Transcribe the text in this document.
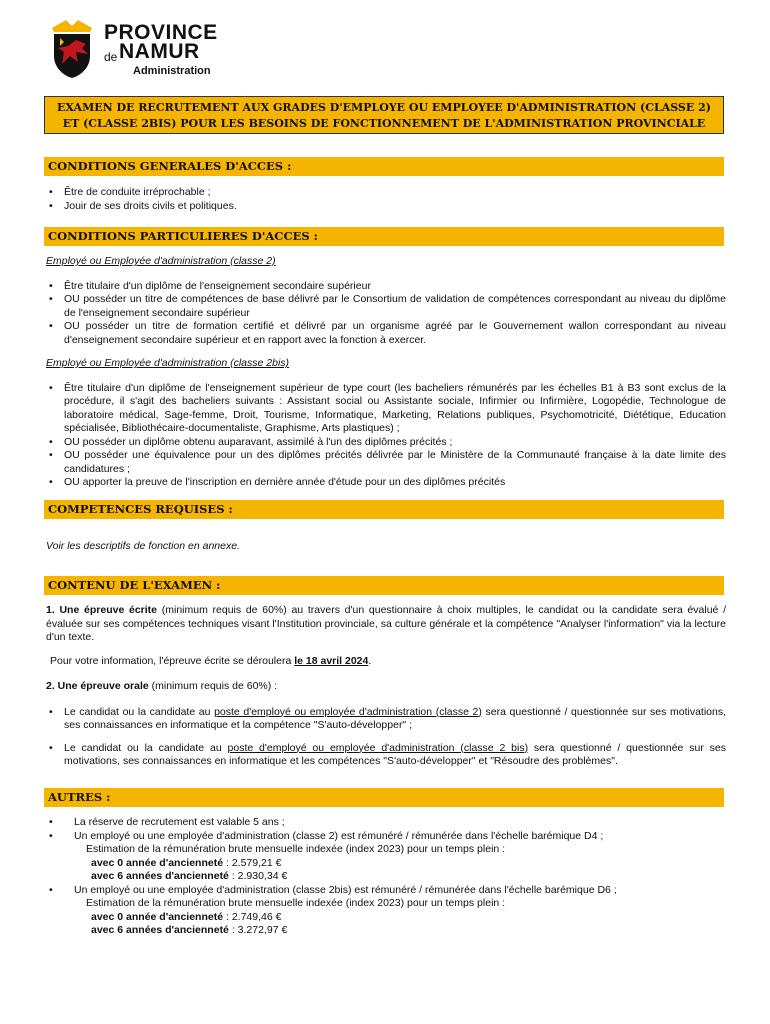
PROVINCE
de NAMUR
Administration
EXAMEN DE RECRUTEMENT AUX GRADES D'EMPLOYE OU EMPLOYEE D'ADMINISTRATION (CLASSE 2)
ET (CLASSE 2BIS) POUR LES BESOINS DE FONCTIONNEMENT DE L'ADMINISTRATION PROVINCIALE
CONDITIONS GENERALES D'ACCES :
• Être de conduite irréprochable ;
• Jouir de ses droits civils et politiques.
CONDITIONS PARTICULIERES D'ACCES :
Employé ou Employée d'administration (classe 2)
• Être titulaire d'un diplôme de l'enseignement secondaire supérieur
• OU posséder un titre de compétences de base délivré par le Consortium de validation de compétences correspondant au niveau du diplôme de l'enseignement secondaire supérieur
• OU posséder un titre de formation certifié et délivré par un organisme agréé par le Gouvernement wallon correspondant au niveau d'enseignement secondaire supérieur et en rapport avec la fonction à exercer.
Employé ou Employée d'administration (classe 2bis)
• Être titulaire d'un diplôme de l'enseignement supérieur de type court (les bacheliers rémunérés par les échelles B1 à B3 sont exclus de la procédure, il s'agit des bacheliers suivants : Assistant social ou Assistante sociale, Infirmier ou Infirmière, Logopédie, Technologue de laboratoire médical, Sage-femme, Droit, Tourisme, Informatique, Marketing, Relations publiques, Psychomotricité, Diététique, Education spécialisée, Bibliothécaire-documentaliste, Graphisme, Arts plastiques) ;
• OU posséder un diplôme obtenu auparavant, assimilé à l'un des diplômes précités ;
• OU posséder une équivalence pour un des diplômes précités délivrée par le Ministère de la Communauté française à la date limite des candidatures ;
• OU apporter la preuve de l'inscription en dernière année d'étude pour un des diplômes précités
COMPETENCES REQUISES :
Voir les descriptifs de fonction en annexe.
CONTENU DE L'EXAMEN :
1. Une épreuve écrite (minimum requis de 60%) au travers d'un questionnaire à choix multiples, le candidat ou la candidate sera évalué / évaluée sur ses compétences techniques visant l'Institution provinciale, sa culture générale et la compétence "Analyser l'information" via la lecture d'un texte.
Pour votre information, l'épreuve écrite se déroulera le 18 avril 2024.
2. Une épreuve orale (minimum requis de 60%) :
• Le candidat ou la candidate au poste d'employé ou employée d'administration (classe 2) sera questionné / questionnée sur ses motivations, ses connaissances en informatique et la compétence "S'auto-développer" ;
• Le candidat ou la candidate au poste d'employé ou employée d'administration (classe 2 bis) sera questionné / questionnée sur ses motivations, ses connaissances en informatique et les compétences "S'auto-développer" et "Résoudre des problèmes".
AUTRES :
• La réserve de recrutement est valable 5 ans ;
• Un employé ou une employée d'administration (classe 2) est rémunéré / rémunérée dans l'échelle barémique D4 ;
Estimation de la rémunération brute mensuelle indexée (index 2023) pour un temps plein :
avec 0 année d'ancienneté : 2.579,21 €
avec 6 années d'ancienneté : 2.930,34 €
• Un employé ou une employée d'administration (classe 2bis) est rémunéré / rémunérée dans l'échelle barémique D6 ;
Estimation de la rémunération brute mensuelle indexée (index 2023) pour un temps plein :
avec 0 année d'ancienneté : 2.749,46 €
avec 6 années d'ancienneté : 3.272,97 €
